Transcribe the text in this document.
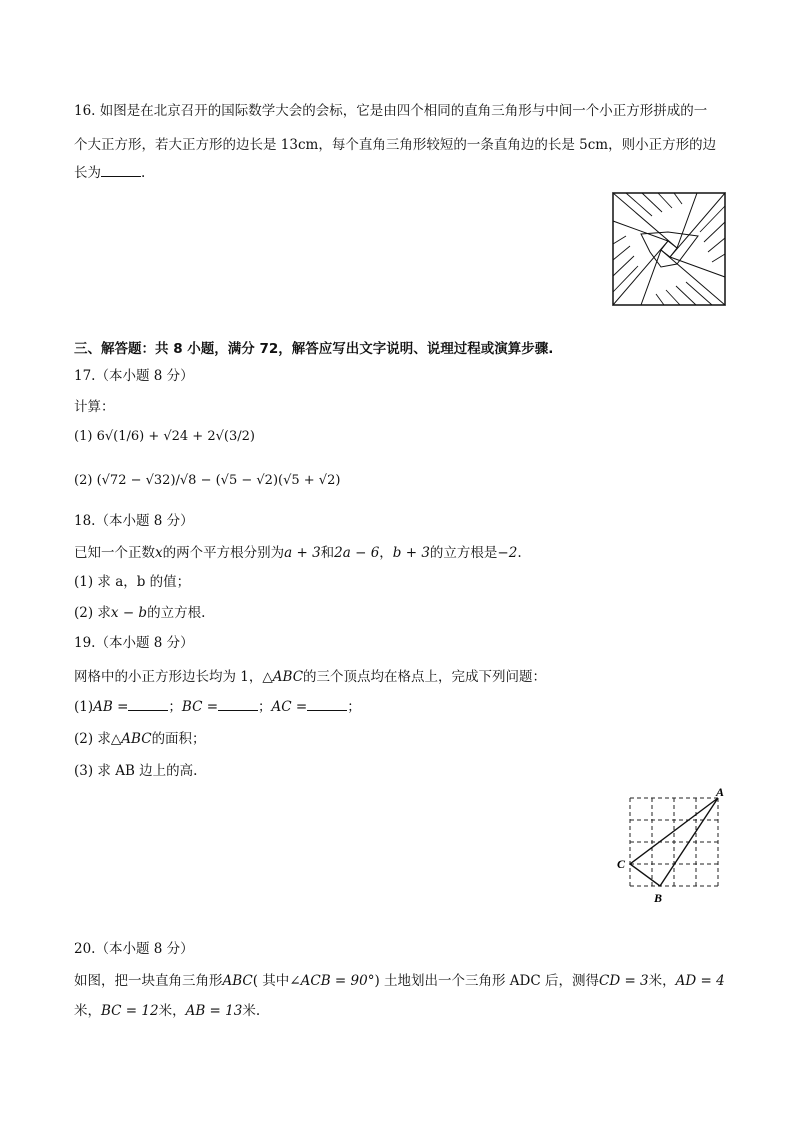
16. 如图是在北京召开的国际数学大会的会标，它是由四个相同的直角三角形与中间一个小正方形拼成的一
个大正方形，若大正方形的边长是 13cm，每个直角三角形较短的一条直角边的长是 5cm，则小正方形的边
长为	.
三、解答题：共 8 小题，满分 72，解答应写出文字说明、说理过程或演算步骤.
17.（本小题 8 分）
计算：
(1) 6√(1/6) + √24 + 2√(3/2)
(2) (√72 − √32)/√8 − (√5 − √2)(√5 + √2)
18.（本小题 8 分）
已知一个正数x的两个平方根分别为a + 3和2a − 6，b + 3的立方根是−2.
(1) 求 a，b 的值；
(2) 求x − b的立方根.
19.（本小题 8 分）
网格中的小正方形边长均为 1，△ABC的三个顶点均在格点上，完成下列问题：
(1)AB =	；BC =	；AC =	；
(2) 求△ABC的面积；
(3) 求 AB 边上的高.
A
C
B
20.（本小题 8 分）
如图，把一块直角三角形ABC( 其中∠ACB = 90°) 土地划出一个三角形 ADC 后，测得CD = 3米，AD = 4
米，BC = 12米，AB = 13米.
